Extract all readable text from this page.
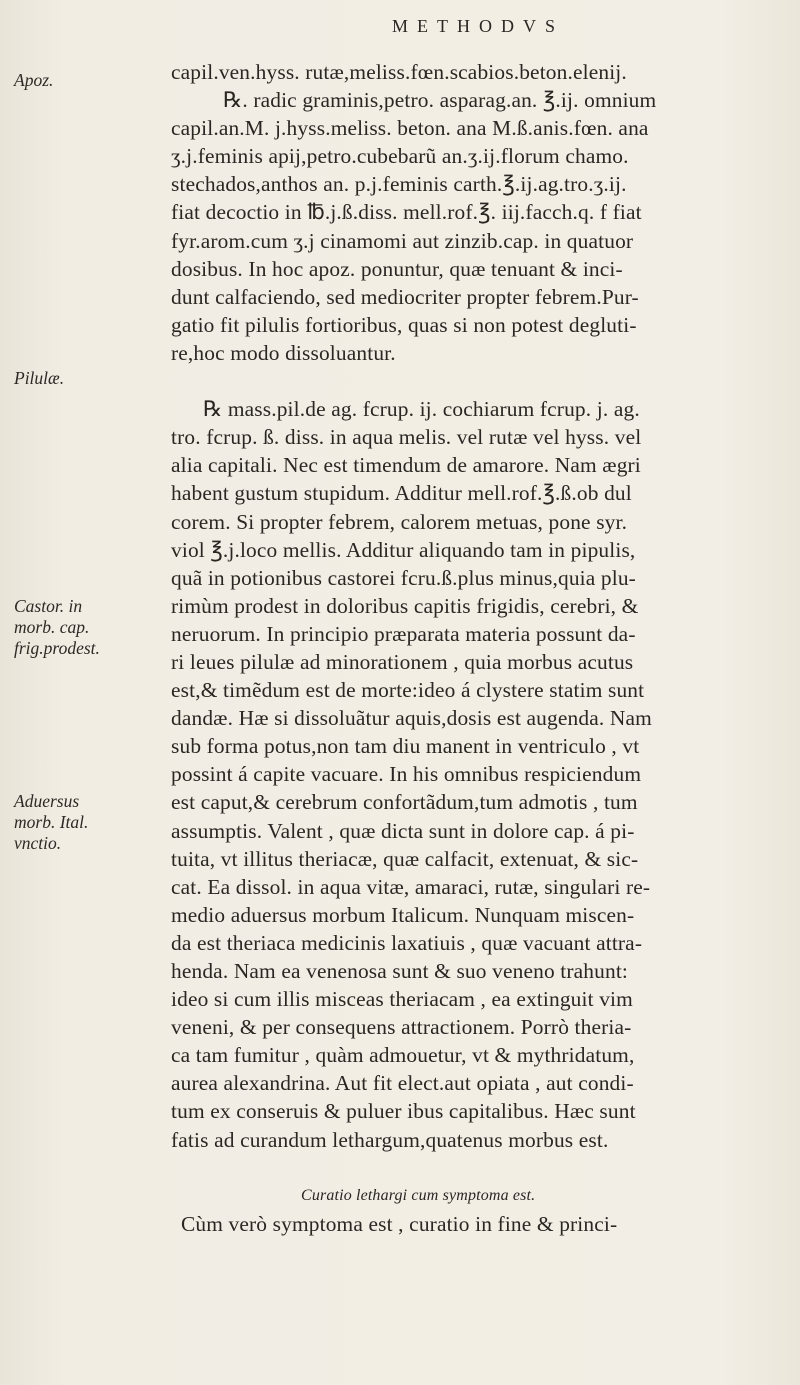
METHODVS
Apoz.
Pilulæ.
Castor. in
morb. cap.
frig.prodest.
Aduersus
morb. Ital.
vnctio.
capil.ven.hyss. rutæ,meliss.fœn.scabios.beton.elenij.
℞. radic graminis,petro. asparag.an. ℥.ij. omnium
capil.an.M. j.hyss.meliss. beton. ana M.ß.anis.fœn. ana
ʒ.j.feminis apij,petro.cubebarũ an.ʒ.ij.florum chamo.
stechados,anthos an. p.j.feminis carth.℥.ij.ag.tro.ʒ.ij.
fiat decoctio in ℔.j.ß.diss. mell.rof.℥. iij.facch.q. f fiat
fyr.arom.cum ʒ.j cinamomi aut zinzib.cap. in quatuor
dosibus. In hoc apoz. ponuntur, quæ tenuant & inci-
dunt calfaciendo, sed mediocriter propter febrem.Pur-
gatio fit pilulis fortioribus, quas si non potest degluti-
re,hoc modo dissoluantur.
℞ mass.pil.de ag. fcrup. ij. cochiarum fcrup. j. ag.
tro. fcrup. ß. diss. in aqua melis. vel rutæ vel hyss. vel
alia capitali. Nec est timendum de amarore. Nam ægri
habent gustum stupidum. Additur mell.rof.℥.ß.ob dul
corem. Si propter febrem, calorem metuas, pone syr.
viol ℥.j.loco mellis. Additur aliquando tam in pipulis,
quã in potionibus castorei fcru.ß.plus minus,quia plu-
rimùm prodest in doloribus capitis frigidis, cerebri, &
neruorum. In principio præparata materia possunt da-
ri leues pilulæ ad minorationem , quia morbus acutus
est,& timẽdum est de morte:ideo á clystere statim sunt
dandæ. Hæ si dissoluãtur aquis,dosis est augenda. Nam
sub forma potus,non tam diu manent in ventriculo , vt
possint á capite vacuare. In his omnibus respiciendum
est caput,& cerebrum confortãdum,tum admotis , tum
assumptis. Valent , quæ dicta sunt in dolore cap. á pi-
tuita, vt illitus theriacæ, quæ calfacit, extenuat, & sic-
cat. Ea dissol. in aqua vitæ, amaraci, rutæ, singulari re-
medio aduersus morbum Italicum. Nunquam miscen-
da est theriaca medicinis laxatiuis , quæ vacuant attra-
henda. Nam ea venenosa sunt & suo veneno trahunt:
ideo si cum illis misceas theriacam , ea extinguit vim
veneni, & per consequens attractionem. Porrò theria-
ca tam fumitur , quàm admouetur, vt & mythridatum,
aurea alexandrina. Aut fit elect.aut opiata , aut condi-
tum ex conseruis & puluer ibus capitalibus. Hæc sunt
fatis ad curandum lethargum,quatenus morbus est.
Curatio lethargi cum symptoma est.
Cùm verò symptoma est , curatio in fine & princi-
